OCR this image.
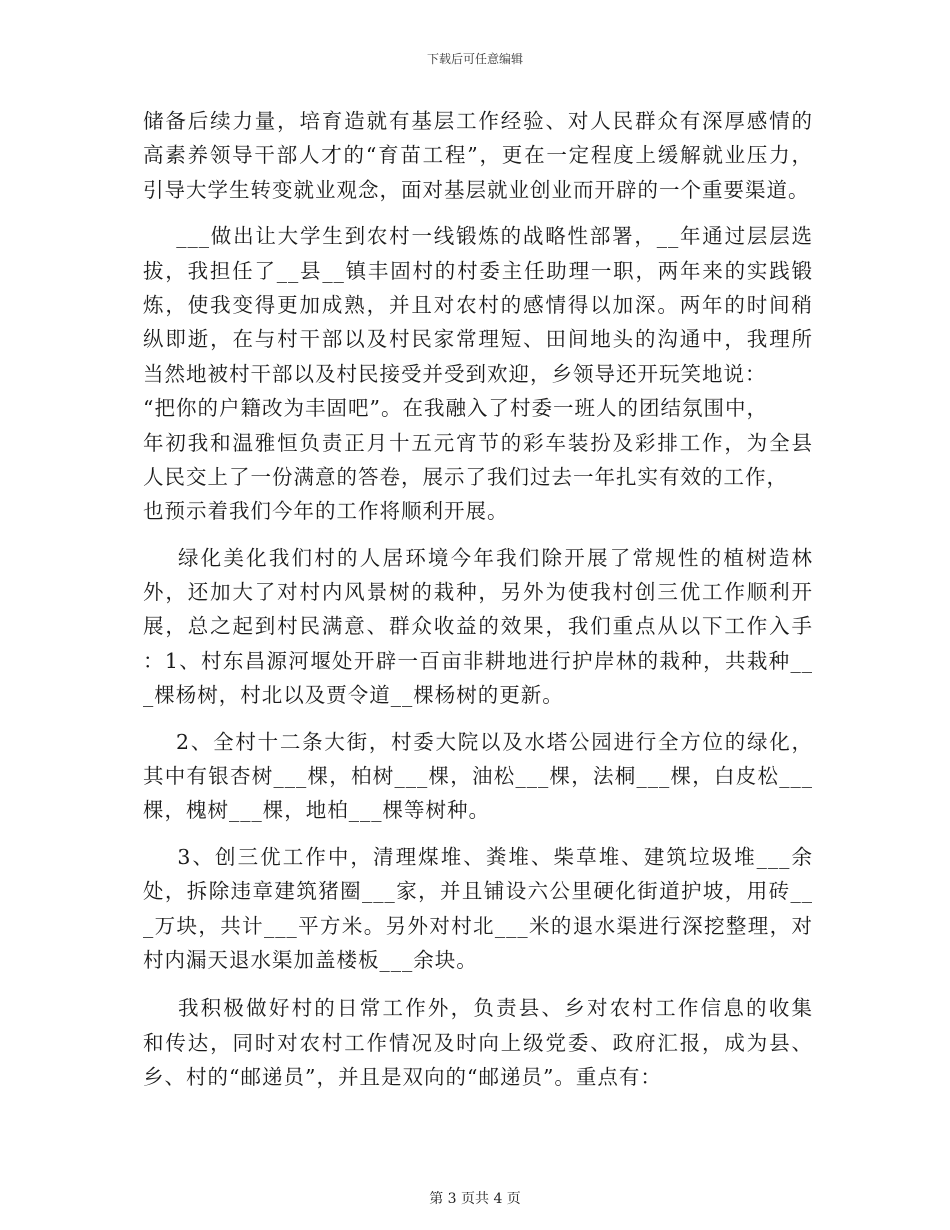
下载后可任意编辑
储备后续力量，培育造就有基层工作经验、对人民群众有深厚感情的
高素养领导干部人才的“育苗工程”，更在一定程度上缓解就业压力，
引导大学生转变就业观念，面对基层就业创业而开辟的一个重要渠道。
___做出让大学生到农村一线锻炼的战略性部署，__年通过层层选
拔，我担任了__县__镇丰固村的村委主任助理一职，两年来的实践锻
炼，使我变得更加成熟，并且对农村的感情得以加深。两年的时间稍
纵即逝，在与村干部以及村民家常理短、田间地头的沟通中，我理所
当然地被村干部以及村民接受并受到欢迎，乡领导还开玩笑地说：
“把你的户籍改为丰固吧”。在我融入了村委一班人的团结氛围中，
年初我和温雅恒负责正月十五元宵节的彩车装扮及彩排工作，为全县
人民交上了一份满意的答卷，展示了我们过去一年扎实有效的工作，
也预示着我们今年的工作将顺利开展。
绿化美化我们村的人居环境今年我们除开展了常规性的植树造林
外，还加大了对村内风景树的栽种，另外为使我村创三优工作顺利开
展，总之起到村民满意、群众收益的效果，我们重点从以下工作入手
：1、村东昌源河堰处开辟一百亩非耕地进行护岸林的栽种，共栽种__
_棵杨树，村北以及贾令道__棵杨树的更新。
2、全村十二条大街，村委大院以及水塔公园进行全方位的绿化，
其中有银杏树___棵，柏树___棵，油松___棵，法桐___棵，白皮松___
棵，槐树___棵，地柏___棵等树种。
3、创三优工作中，清理煤堆、粪堆、柴草堆、建筑垃圾堆___余
处，拆除违章建筑猪圈___家，并且铺设六公里硬化街道护坡，用砖__
_万块，共计___平方米。另外对村北___米的退水渠进行深挖整理，对
村内漏天退水渠加盖楼板___余块。
我积极做好村的日常工作外，负责县、乡对农村工作信息的收集
和传达，同时对农村工作情况及时向上级党委、政府汇报，成为县、
乡、村的“邮递员”，并且是双向的“邮递员”。重点有：
第 3 页共 4 页
